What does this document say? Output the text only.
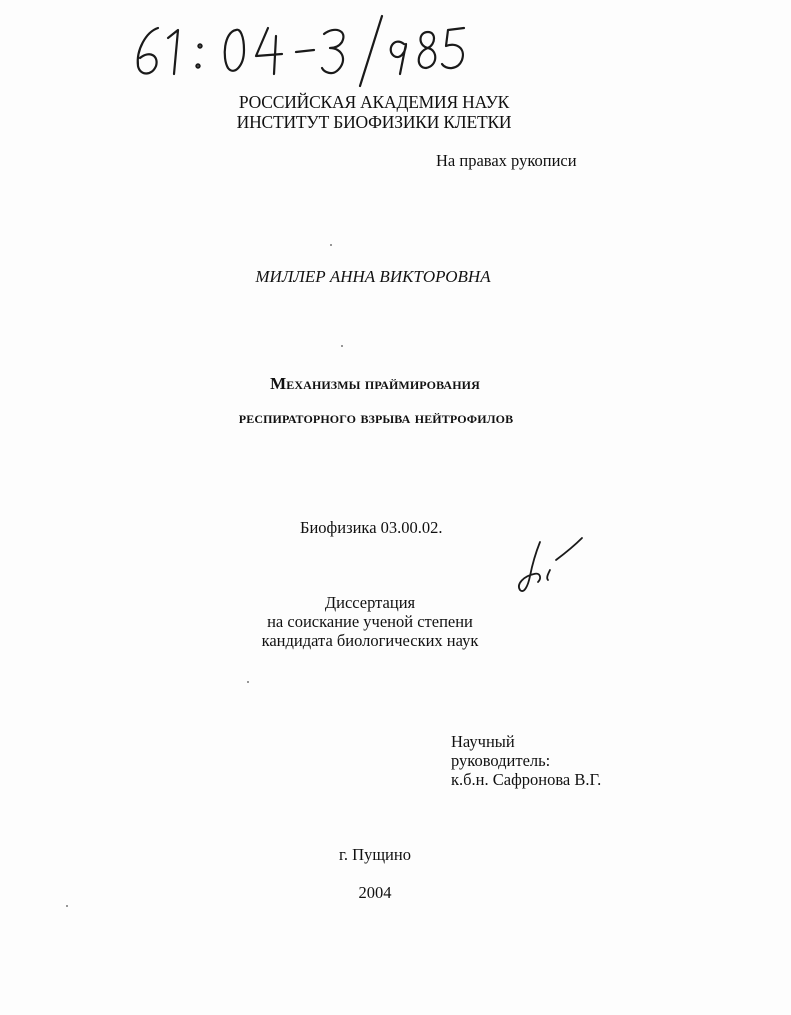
РОССИЙСКАЯ АКАДЕМИЯ НАУК
ИНСТИТУТ БИОФИЗИКИ КЛЕТКИ
На правах рукописи
МИЛЛЕР АННА ВИКТОРОВНА
Механизмы праймирования
респираторного взрыва нейтрофилов
Биофизика 03.00.02.
Диссертация
на соискание ученой степени
кандидата биологических наук
Научный
руководитель:
к.б.н. Сафронова В.Г.
г. Пущино
2004
